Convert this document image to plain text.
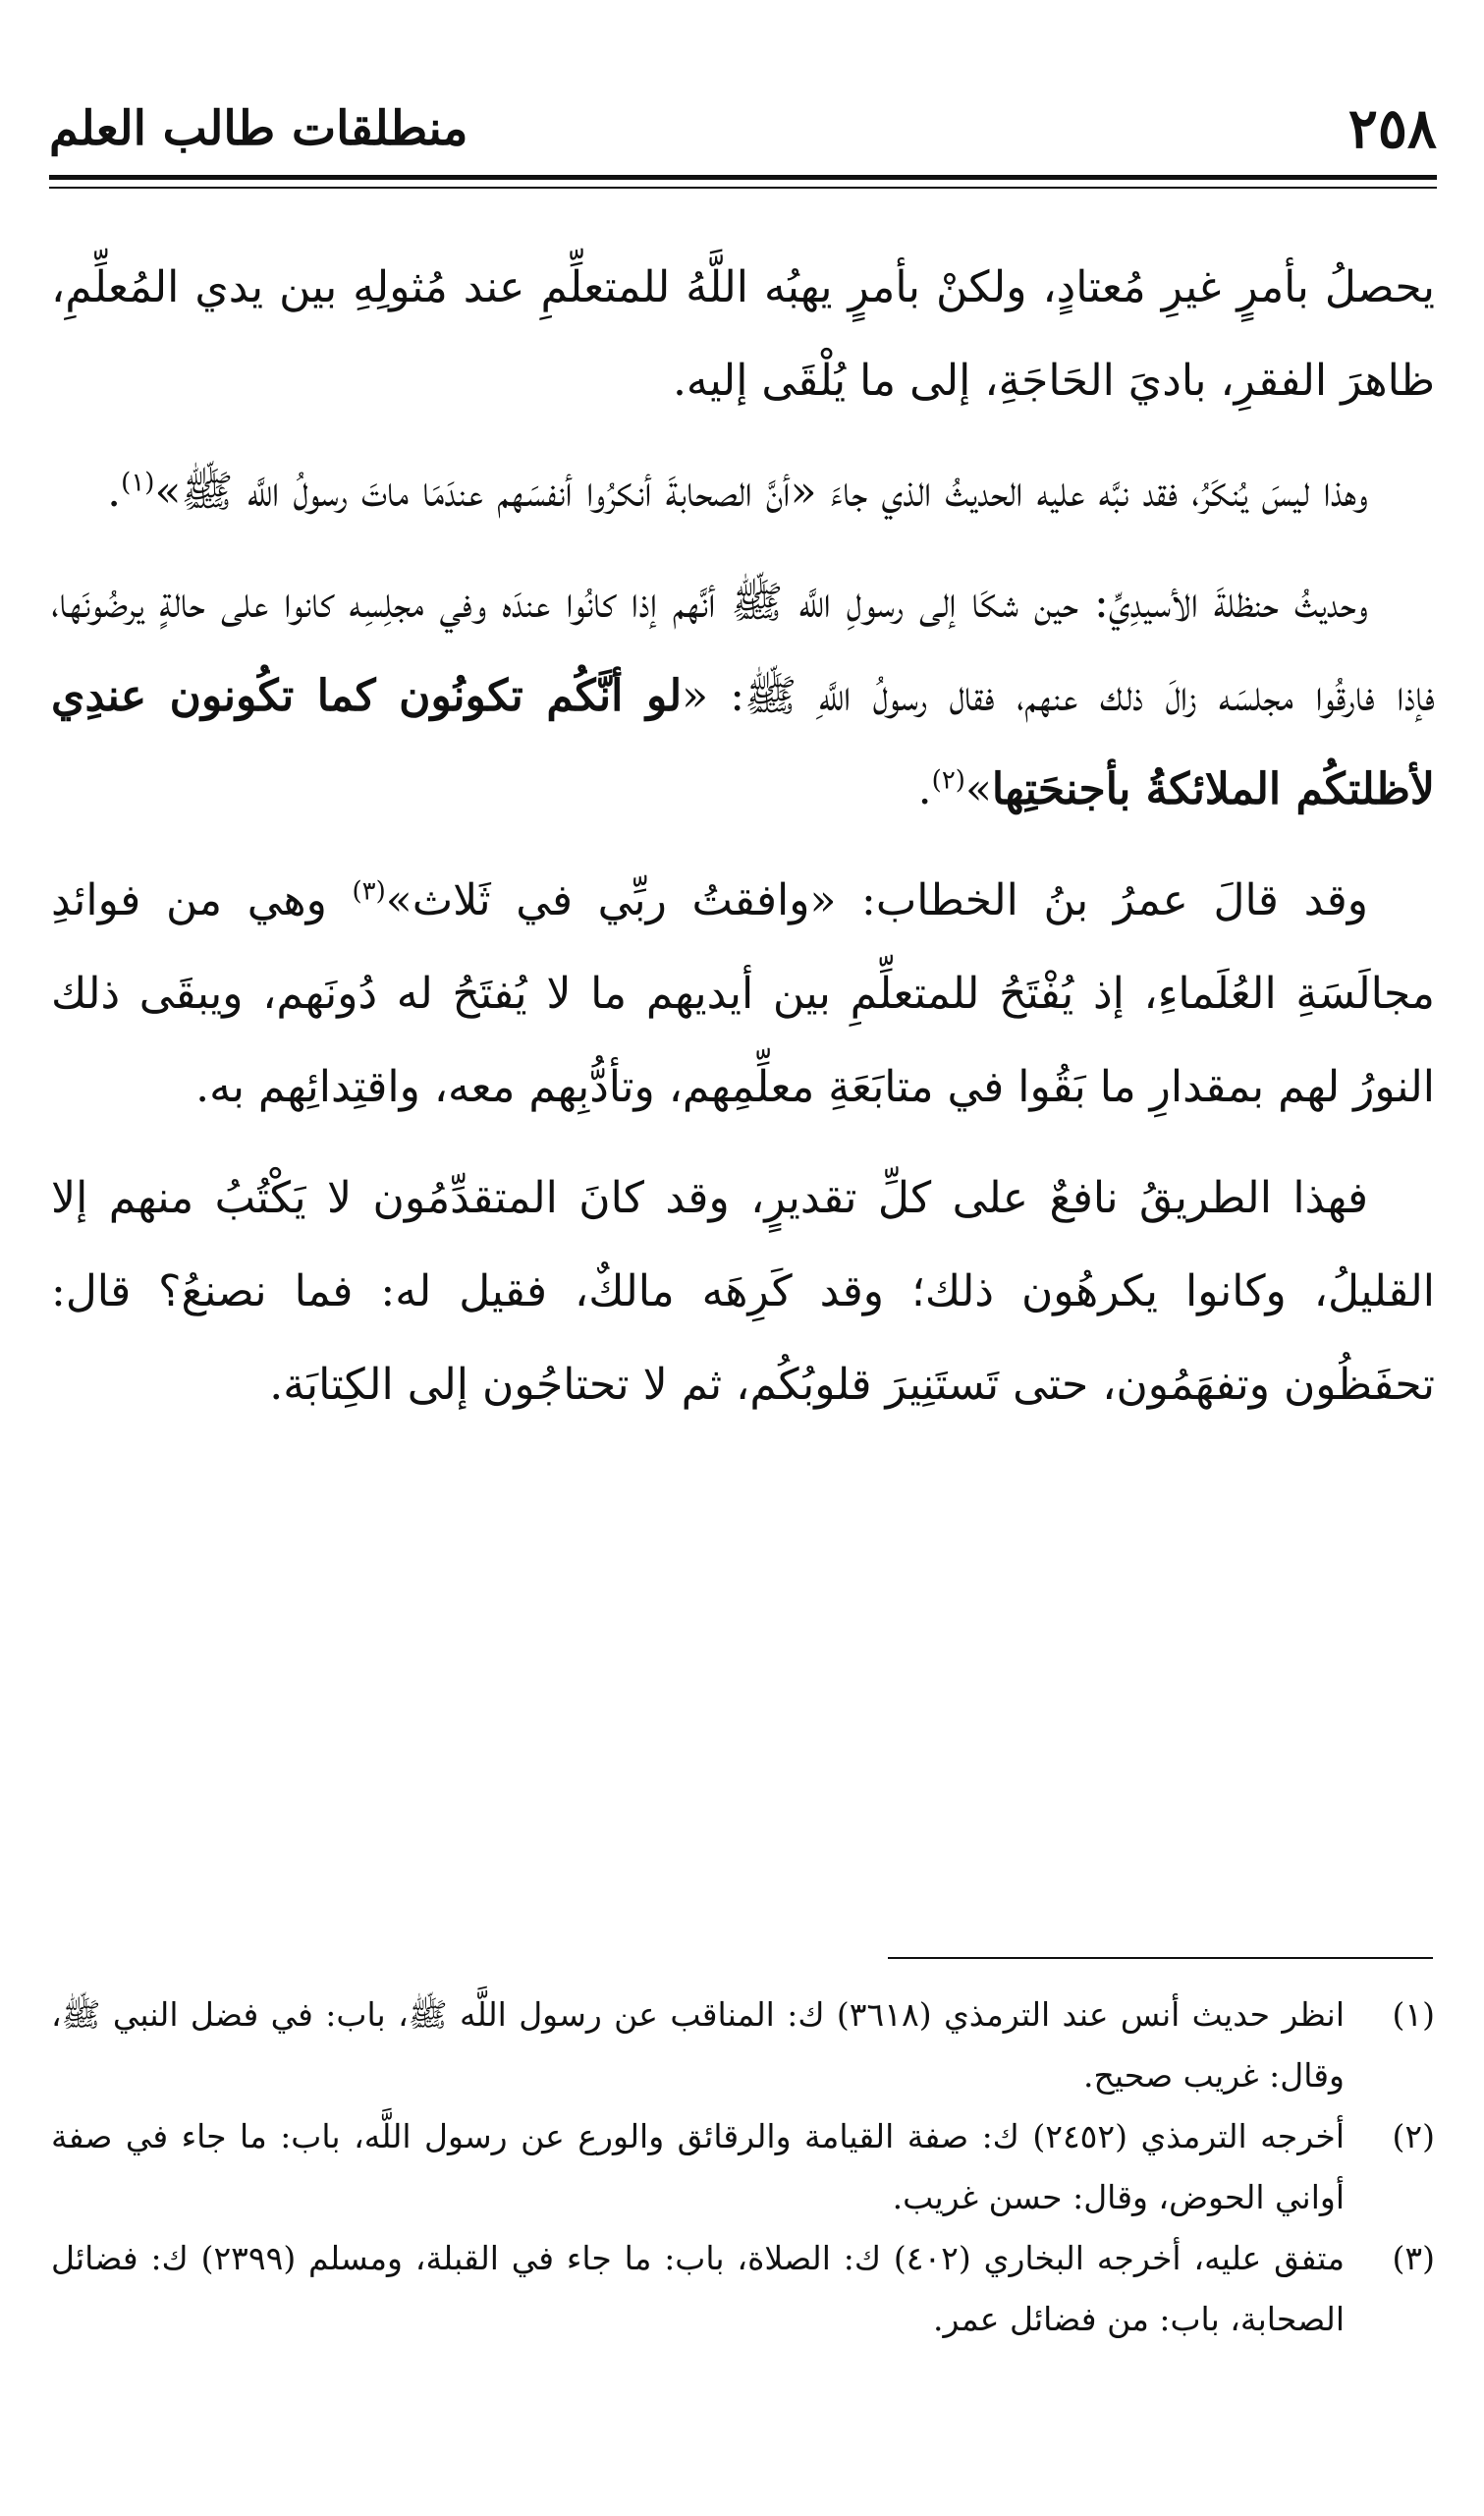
٢٥٨
منطلقات طالب العلم

يحصلُ بأمرٍ غيرِ مُعتادٍ، ولكنْ بأمرٍ يهبُه اللَّهُ للمتعلِّمِ عند مُثولِهِ بين يدي المُعلِّمِ، ظاهرَ الفقرِ، باديَ الحَاجَةِ، إلى ما يُلْقَى إليه.

وهذا ليسَ يُنكَرُ، فقد نبَّه عليه الحديثُ الذي جاءَ «أنَّ الصحابةَ أنكرُوا أنفسَهم عندَمَا ماتَ رسولُ اللَّه ﷺ»$^{(١)}$.

وحديثُ حنظلةَ الأسيدِيِّ: حين شكَا إلى رسولِ اللَّه ﷺ أنَّهم إذا كانُوا عندَه وفي مجلِسِه كانوا على حالةٍ يرضُونَها، فإذا فارقُوا مجلسَه زالَ ذلك عنهم، فقال رسولُ اللَّهِ ﷺ: «لو أنَّكُم تكونُون كما تكُونون عندِي لأظلتكُم الملائكةُ بأجنحَتِها»$^{(٢)}$.

وقد قالَ عمرُ بنُ الخطاب: «وافقتُ ربِّي في ثَلاث»$^{(٣)}$ وهي من فوائدِ مجالَسَةِ العُلَماءِ، إذ يُفْتَحُ للمتعلِّمِ بين أيديهم ما لا يُفتَحُ له دُونَهم، ويبقَى ذلك النورُ لهم بمقدارِ ما بَقُوا في متابَعَةِ معلِّمِهم، وتأدُّبِهم معه، واقتِدائِهم به.

فهذا الطريقُ نافعٌ على كلِّ تقديرٍ، وقد كانَ المتقدِّمُون لا يَكْتُبُ منهم إلا القليلُ، وكانوا يكرهُون ذلك؛ وقد كَرِهَه مالكٌ، فقيل له: فما نصنعُ؟ قال: تحفَظُون وتفهَمُون، حتى تَستَنِيرَ قلوبُكُم، ثم لا تحتاجُون إلى الكِتابَة.

(١)
انظر حديث أنس عند الترمذي (٣٦١٨) ك: المناقب عن رسول اللَّه ﷺ، باب: في فضل النبي ﷺ، وقال: غريب صحيح.
(٢)
أخرجه الترمذي (٢٤٥٢) ك: صفة القيامة والرقائق والورع عن رسول اللَّه، باب: ما جاء في صفة أواني الحوض، وقال: حسن غريب.
(٣)
متفق عليه، أخرجه البخاري (٤٠٢) ك: الصلاة، باب: ما جاء في القبلة، ومسلم (٢٣٩٩) ك: فضائل الصحابة، باب: من فضائل عمر.
